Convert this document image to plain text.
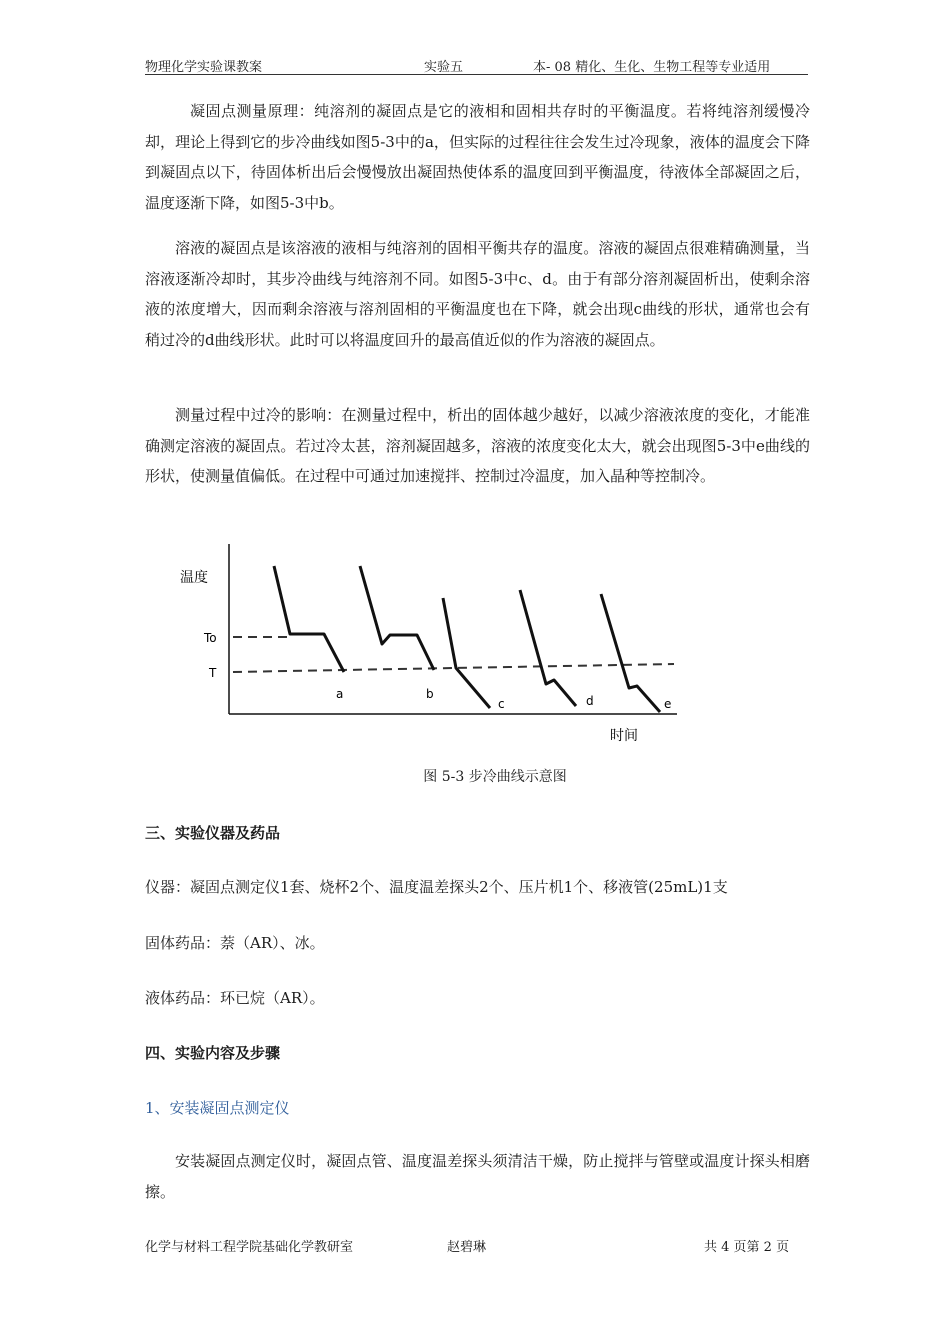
物理化学实验课教案	实验五	本- 08 精化、生化、生物工程等专业适用

凝固点测量原理：纯溶剂的凝固点是它的液相和固相共存时的平衡温度。若将纯溶剂缓慢冷却，理论上得到它的步冷曲线如图5-3中的a，但实际的过程往往会发生过冷现象，液体的温度会下降到凝固点以下，待固体析出后会慢慢放出凝固热使体系的温度回到平衡温度，待液体全部凝固之后，温度逐渐下降，如图5-3中b。

溶液的凝固点是该溶液的液相与纯溶剂的固相平衡共存的温度。溶液的凝固点很难精确测量，当溶液逐渐冷却时，其步冷曲线与纯溶剂不同。如图5-3中c、d。由于有部分溶剂凝固析出，使剩余溶液的浓度增大，因而剩余溶液与溶剂固相的平衡温度也在下降，就会出现c曲线的形状，通常也会有稍过冷的d曲线形状。此时可以将温度回升的最高值近似的作为溶液的凝固点。

测量过程中过冷的影响：在测量过程中，析出的固体越少越好，以减少溶液浓度的变化，才能准确测定溶液的凝固点。若过冷太甚，溶剂凝固越多，溶液的浓度变化太大，就会出现图5-3中e曲线的形状，使测量值偏低。在过程中可通过加速搅拌、控制过冷温度，加入晶种等控制冷。

温度
时间
To
T
a	b
c	d	e
图 5-3 步冷曲线示意图
三、实验仪器及药品
仪器：凝固点测定仪1套、烧杯2个、温度温差探头2个、压片机1个、移液管(25mL)1支
固体药品：萘（AR）、冰。
液体药品：环已烷（AR）。
四、实验内容及步骤
1、安装凝固点测定仪

安装凝固点测定仪时，凝固点管、温度温差探头须清洁干燥，防止搅拌与管壁或温度计探头相磨擦。

化学与材料工程学院基础化学教研室	赵碧琳	共 4 页第 2 页
